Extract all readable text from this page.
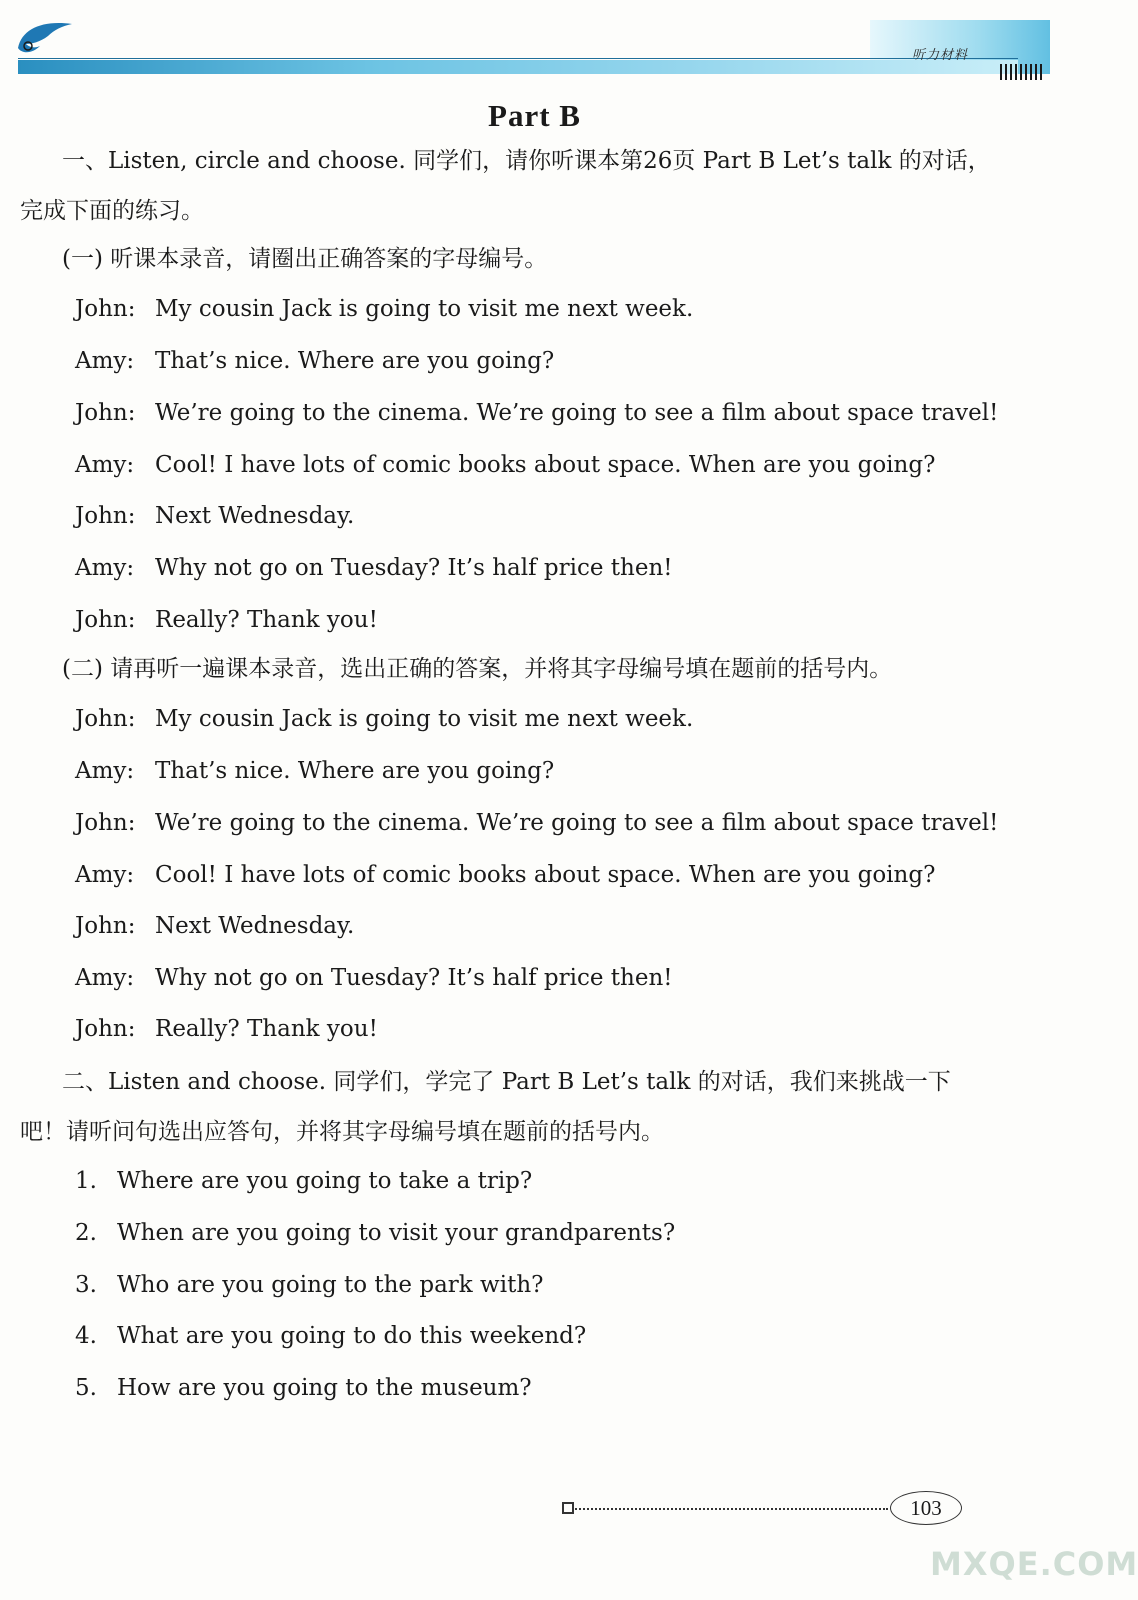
听力材料
Part B
一、Listen, circle and choose. 同学们，请你听课本第26页 Part B Let’s talk 的对话，
完成下面的练习。
(一) 听课本录音，请圈出正确答案的字母编号。
John: My cousin Jack is going to visit me next week.
Amy: That’s nice. Where are you going?
John: We’re going to the cinema. We’re going to see a film about space travel!
Amy: Cool! I have lots of comic books about space. When are you going?
John: Next Wednesday.
Amy: Why not go on Tuesday? It’s half price then!
John: Really? Thank you!
(二) 请再听一遍课本录音，选出正确的答案，并将其字母编号填在题前的括号内。
John: My cousin Jack is going to visit me next week.
Amy: That’s nice. Where are you going?
John: We’re going to the cinema. We’re going to see a film about space travel!
Amy: Cool! I have lots of comic books about space. When are you going?
John: Next Wednesday.
Amy: Why not go on Tuesday? It’s half price then!
John: Really? Thank you!
二、Listen and choose. 同学们，学完了 Part B Let’s talk 的对话，我们来挑战一下
吧！请听问句选出应答句，并将其字母编号填在题前的括号内。
1. Where are you going to take a trip?
2. When are you going to visit your grandparents?
3. Who are you going to the park with?
4. What are you going to do this weekend?
5. How are you going to the museum?
103
MXQE.COM
